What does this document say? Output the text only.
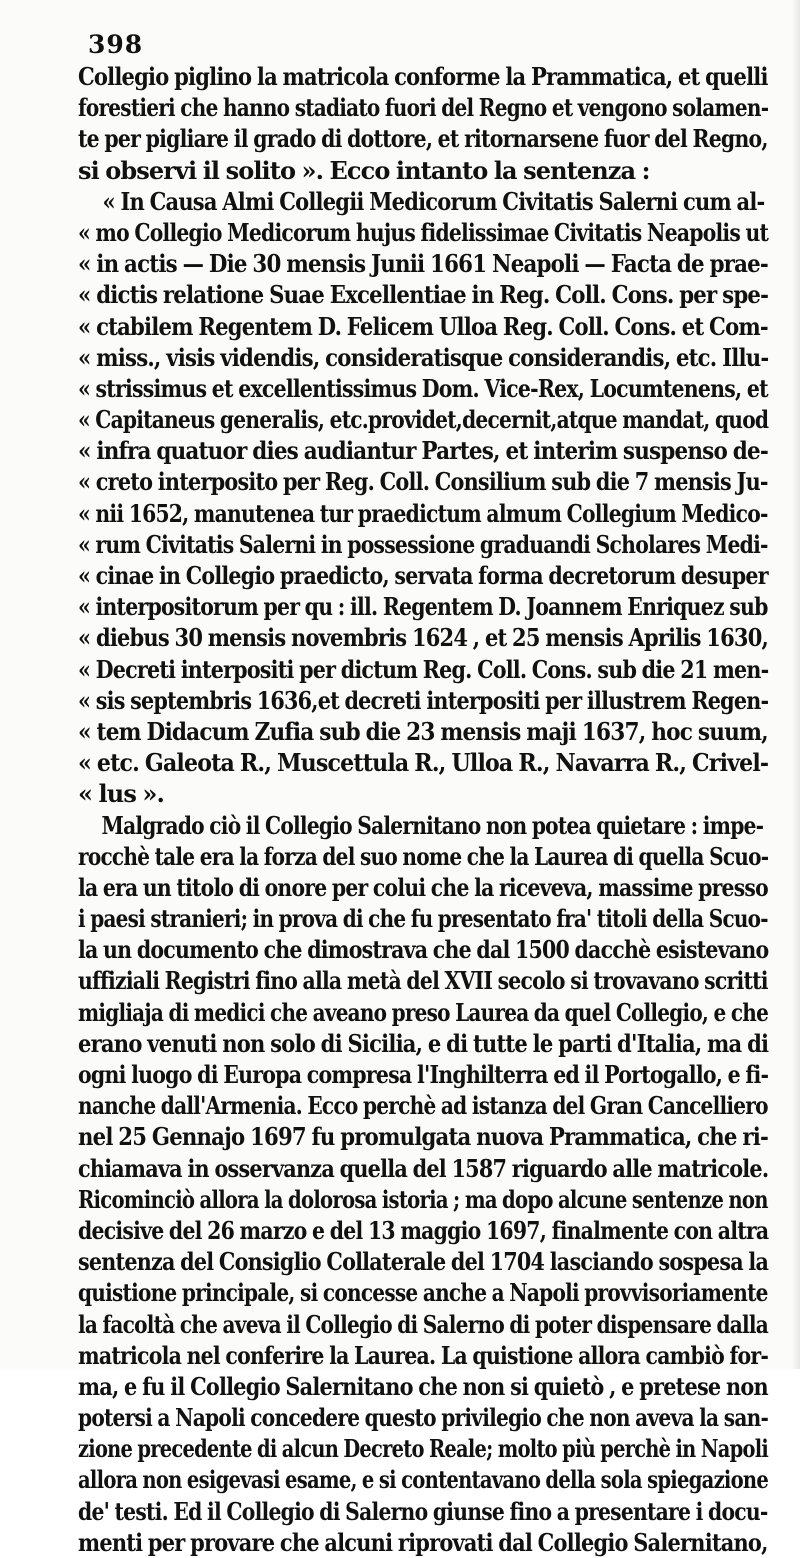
398
Collegio piglino la matricola conforme la Prammatica, et quelli
forestieri che hanno stadiato fuori del Regno et vengono solamen-
te per pigliare il grado di dottore, et ritornarsene fuor del Regno,
si observi il solito ». Ecco intanto la sentenza :
« In Causa Almi Collegii Medicorum Civitatis Salerni cum al-
« mo Collegio Medicorum hujus fidelissimae Civitatis Neapolis ut
« in actis — Die 30 mensis Junii 1661 Neapoli — Facta de prae-
« dictis relatione Suae Excellentiae in Reg. Coll. Cons. per spe-
« ctabilem Regentem D. Felicem Ulloa Reg. Coll. Cons. et Com-
« miss., visis videndis, consideratisque considerandis, etc. Illu-
« strissimus et excellentissimus Dom. Vice-Rex, Locumtenens, et
« Capitaneus generalis, etc.providet,decernit,atque mandat, quod
« infra quatuor dies audiantur Partes, et interim suspenso de-
« creto interposito per Reg. Coll. Consilium sub die 7 mensis Ju-
« nii 1652, manutenea tur praedictum almum Collegium Medico-
« rum Civitatis Salerni in possessione graduandi Scholares Medi-
« cinae in Collegio praedicto, servata forma decretorum desuper
« interpositorum per qu : ill. Regentem D. Joannem Enriquez sub
« diebus 30 mensis novembris 1624 , et 25 mensis Aprilis 1630,
« Decreti interpositi per dictum Reg. Coll. Cons. sub die 21 men-
« sis septembris 1636,et decreti interpositi per illustrem Regen-
« tem Didacum Zufia sub die 23 mensis maji 1637, hoc suum,
« etc. Galeota R., Muscettula R., Ulloa R., Navarra R., Crivel-
« lus ».
Malgrado ciò il Collegio Salernitano non potea quietare : impe-
rocchè tale era la forza del suo nome che la Laurea di quella Scuo-
la era un titolo di onore per colui che la riceveva, massime presso
i paesi stranieri; in prova di che fu presentato fra' titoli della Scuo-
la un documento che dimostrava che dal 1500 dacchè esistevano
uffiziali Registri fino alla metà del XVII secolo si trovavano scritti
migliaja di medici che aveano preso Laurea da quel Collegio, e che
erano venuti non solo di Sicilia, e di tutte le parti d'Italia, ma di
ogni luogo di Europa compresa l'Inghilterra ed il Portogallo, e fi-
nanche dall'Armenia. Ecco perchè ad istanza del Gran Cancelliero
nel 25 Gennajo 1697 fu promulgata nuova Prammatica, che ri-
chiamava in osservanza quella del 1587 riguardo alle matricole.
Ricominciò allora la dolorosa istoria ; ma dopo alcune sentenze non
decisive del 26 marzo e del 13 maggio 1697, finalmente con altra
sentenza del Consiglio Collaterale del 1704 lasciando sospesa la
quistione principale, si concesse anche a Napoli provvisoriamente
la facoltà che aveva il Collegio di Salerno di poter dispensare dalla
matricola nel conferire la Laurea. La quistione allora cambiò for-
ma, e fu il Collegio Salernitano che non si quietò , e pretese non
potersi a Napoli concedere questo privilegio che non aveva la san-
zione precedente di alcun Decreto Reale; molto più perchè in Napoli
allora non esigevasi esame, e si contentavano della sola spiegazione
de' testi. Ed il Collegio di Salerno giunse fino a presentare i docu-
menti per provare che alcuni riprovati dal Collegio Salernitano,
